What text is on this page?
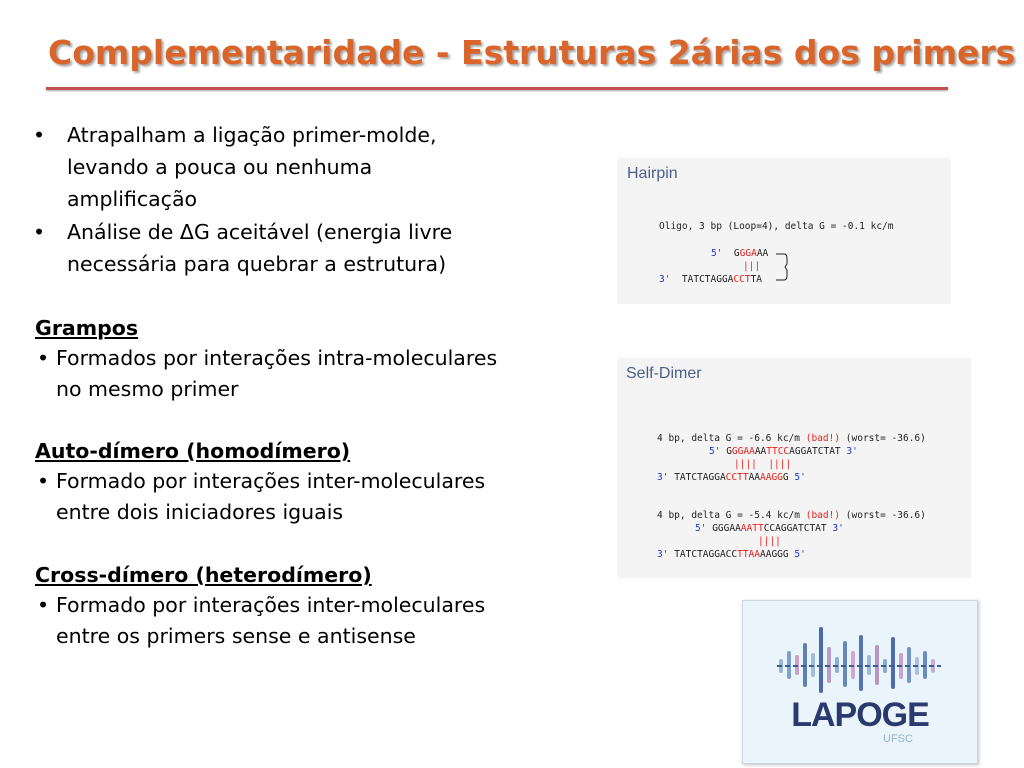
Complementaridade - Estruturas 2árias dos primers
• Atrapalham a ligação primer-molde,
levando a pouca ou nenhuma
amplificação
• Análise de ΔG aceitável (energia livre
necessária para quebrar a estrutura)
Grampos
• Formados por interações intra-moleculares
no mesmo primer
Auto-dímero (homodímero)
• Formado por interações inter-moleculares
entre dois iniciadores iguais
Cross-dímero (heterodímero)
• Formado por interações inter-moleculares
entre os primers sense e antisense
Hairpin
Oligo, 3 bp (Loop=4), delta G = -0.1 kc/m
5' GGGAAA
|||
3' TATCTAGGACCTTA
Self-Dimer
4 bp, delta G = -6.6 kc/m (bad!) (worst= -36.6)
5' GGGAAAATTCCAGGATCTAT 3'
||||  ||||
3' TATCTAGGACCTTAAAAGGG 5'
4 bp, delta G = -5.4 kc/m (bad!) (worst= -36.6)
5' GGGAAAATTCCAGGATCTAT 3'
||||
3' TATCTAGGACCTTAAAAGGG 5'
LAPOGE
UFSC
